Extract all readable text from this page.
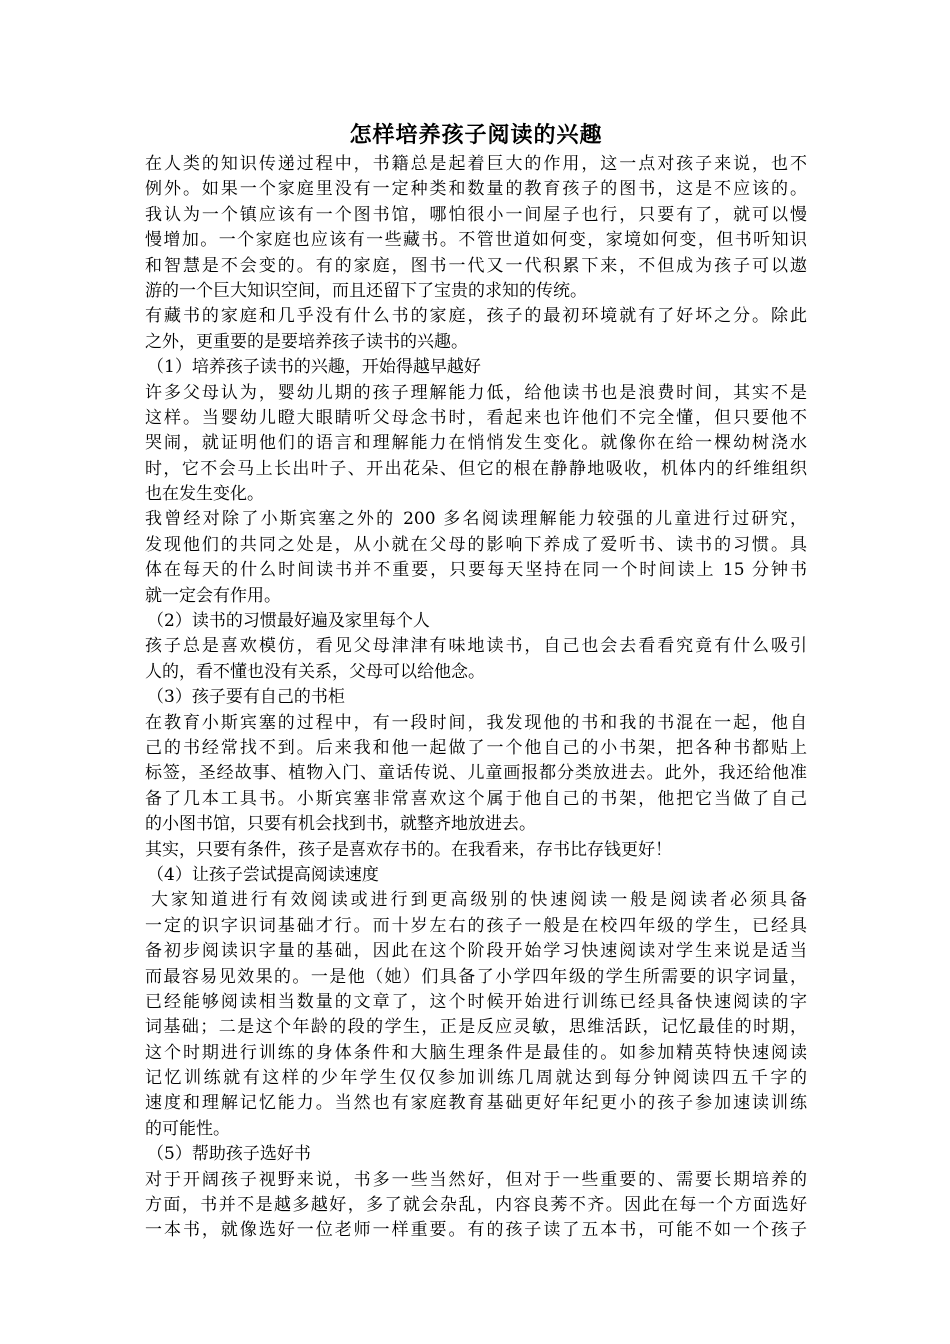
怎样培养孩子阅读的兴趣
在人类的知识传递过程中，书籍总是起着巨大的作用，这一点对孩子来说，也不
例外。如果一个家庭里没有一定种类和数量的教育孩子的图书，这是不应该的。
我认为一个镇应该有一个图书馆，哪怕很小一间屋子也行，只要有了，就可以慢
慢增加。一个家庭也应该有一些藏书。不管世道如何变，家境如何变，但书听知识
和智慧是不会变的。有的家庭，图书一代又一代积累下来，不但成为孩子可以遨
游的一个巨大知识空间，而且还留下了宝贵的求知的传统。
有藏书的家庭和几乎没有什么书的家庭，孩子的最初环境就有了好坏之分。除此
之外，更重要的是要培养孩子读书的兴趣。
（1）培养孩子读书的兴趣，开始得越早越好
许多父母认为，婴幼儿期的孩子理解能力低，给他读书也是浪费时间，其实不是
这样。当婴幼儿瞪大眼睛听父母念书时，看起来也许他们不完全懂，但只要他不
哭闹，就证明他们的语言和理解能力在悄悄发生变化。就像你在给一棵幼树浇水
时，它不会马上长出叶子、开出花朵、但它的根在静静地吸收，机体内的纤维组织
也在发生变化。
我曾经对除了小斯宾塞之外的 200 多名阅读理解能力较强的儿童进行过研究，
发现他们的共同之处是，从小就在父母的影响下养成了爱听书、读书的习惯。具
体在每天的什么时间读书并不重要，只要每天坚持在同一个时间读上 15 分钟书
就一定会有作用。
（2）读书的习惯最好遍及家里每个人
孩子总是喜欢模仿，看见父母津津有味地读书，自己也会去看看究竟有什么吸引
人的，看不懂也没有关系，父母可以给他念。
（3）孩子要有自己的书柜
在教育小斯宾塞的过程中，有一段时间，我发现他的书和我的书混在一起，他自
己的书经常找不到。后来我和他一起做了一个他自己的小书架，把各种书都贴上
标签，圣经故事、植物入门、童话传说、儿童画报都分类放进去。此外，我还给他准
备了几本工具书。小斯宾塞非常喜欢这个属于他自己的书架，他把它当做了自己
的小图书馆，只要有机会找到书，就整齐地放进去。
其实，只要有条件，孩子是喜欢存书的。在我看来，存书比存钱更好！
（4）让孩子尝试提高阅读速度
大家知道进行有效阅读或进行到更高级别的快速阅读一般是阅读者必须具备
一定的识字识词基础才行。而十岁左右的孩子一般是在校四年级的学生，已经具
备初步阅读识字量的基础，因此在这个阶段开始学习快速阅读对学生来说是适当
而最容易见效果的。一是他（她）们具备了小学四年级的学生所需要的识字词量，
已经能够阅读相当数量的文章了，这个时候开始进行训练已经具备快速阅读的字
词基础；二是这个年龄的段的学生，正是反应灵敏，思维活跃，记忆最佳的时期，
这个时期进行训练的身体条件和大脑生理条件是最佳的。如参加精英特快速阅读
记忆训练就有这样的少年学生仅仅参加训练几周就达到每分钟阅读四五千字的
速度和理解记忆能力。当然也有家庭教育基础更好年纪更小的孩子参加速读训练
的可能性。
（5）帮助孩子选好书
对于开阔孩子视野来说，书多一些当然好，但对于一些重要的、需要长期培养的
方面，书并不是越多越好，多了就会杂乱，内容良莠不齐。因此在每一个方面选好
一本书，就像选好一位老师一样重要。有的孩子读了五本书，可能不如一个孩子
